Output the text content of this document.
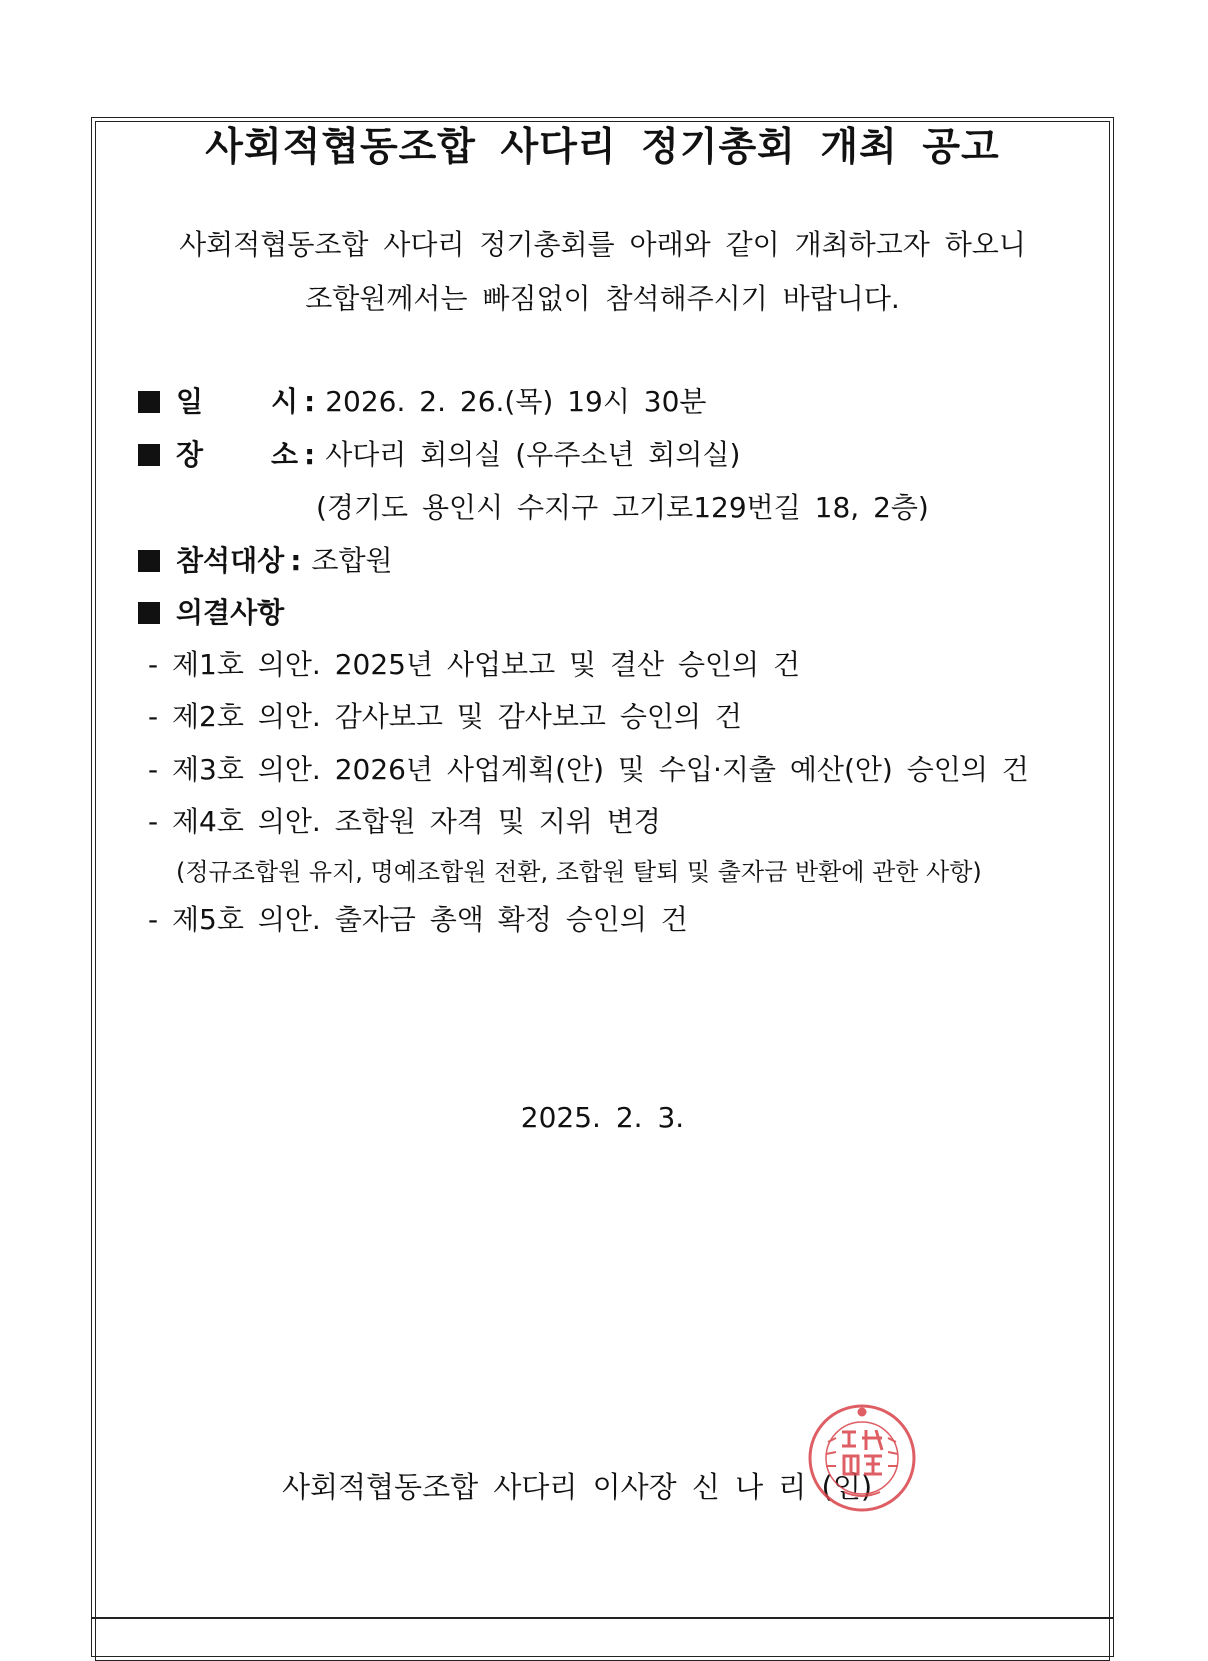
사회적협동조합 사다리 정기총회 개최 공고
사회적협동조합 사다리 정기총회를 아래와 같이 개최하고자 하오니
조합원께서는 빠짐없이 참석해주시기 바랍니다.
일 시 : 2026. 2. 26.(목) 19시 30분
장 소 : 사다리 회의실 (우주소년 회의실)
(경기도 용인시 수지구 고기로129번길 18, 2층)
참석대상 : 조합원
의결사항
- 제1호 의안. 2025년 사업보고 및 결산 승인의 건
- 제2호 의안. 감사보고 및 감사보고 승인의 건
- 제3호 의안. 2026년 사업계획(안) 및 수입·지출 예산(안) 승인의 건
- 제4호 의안. 조합원 자격 및 지위 변경
(정규조합원 유지, 명예조합원 전환, 조합원 탈퇴 및 출자금 반환에 관한 사항)
- 제5호 의안. 출자금 총액 확정 승인의 건
2025. 2. 3.
사회적협동조합 사다리 이사장 신 나 리 (인)
